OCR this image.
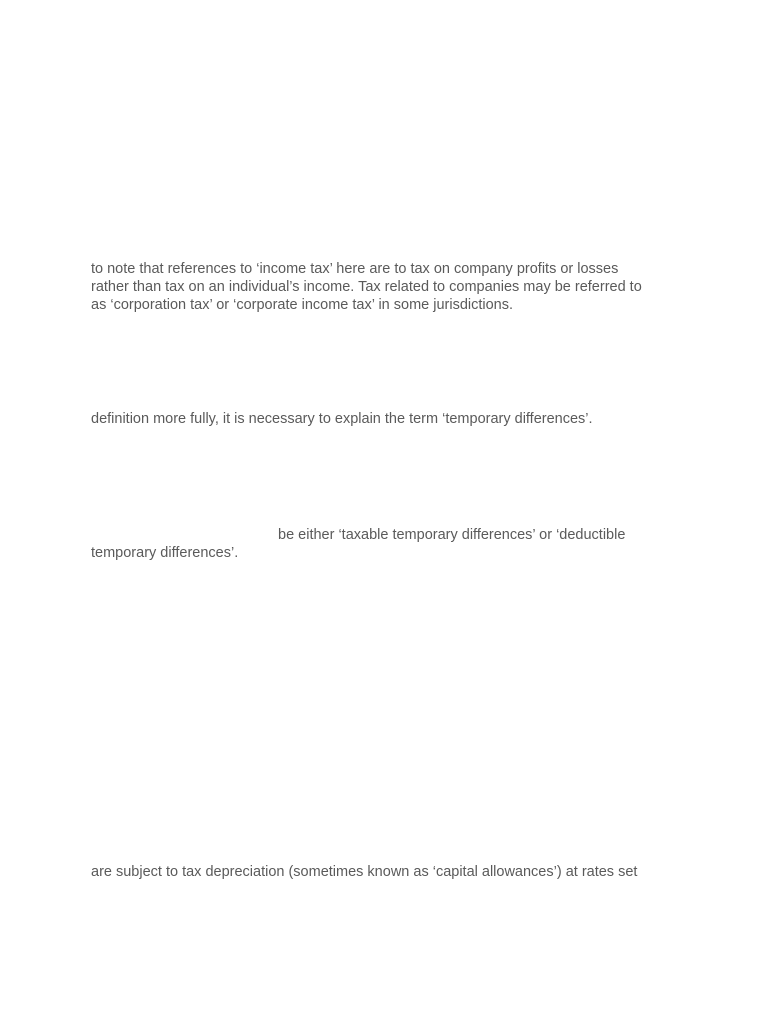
to note that references to ‘income tax’ here are to tax on company profits or losses
rather than tax on an individual’s income. Tax related to companies may be referred to
as ‘corporation tax’ or ‘corporate income tax’ in some jurisdictions.
definition more fully, it is necessary to explain the term ‘temporary differences’.
be either ‘taxable temporary differences’ or ‘deductible
temporary differences’.
are subject to tax depreciation (sometimes known as ‘capital allowances’) at rates set
